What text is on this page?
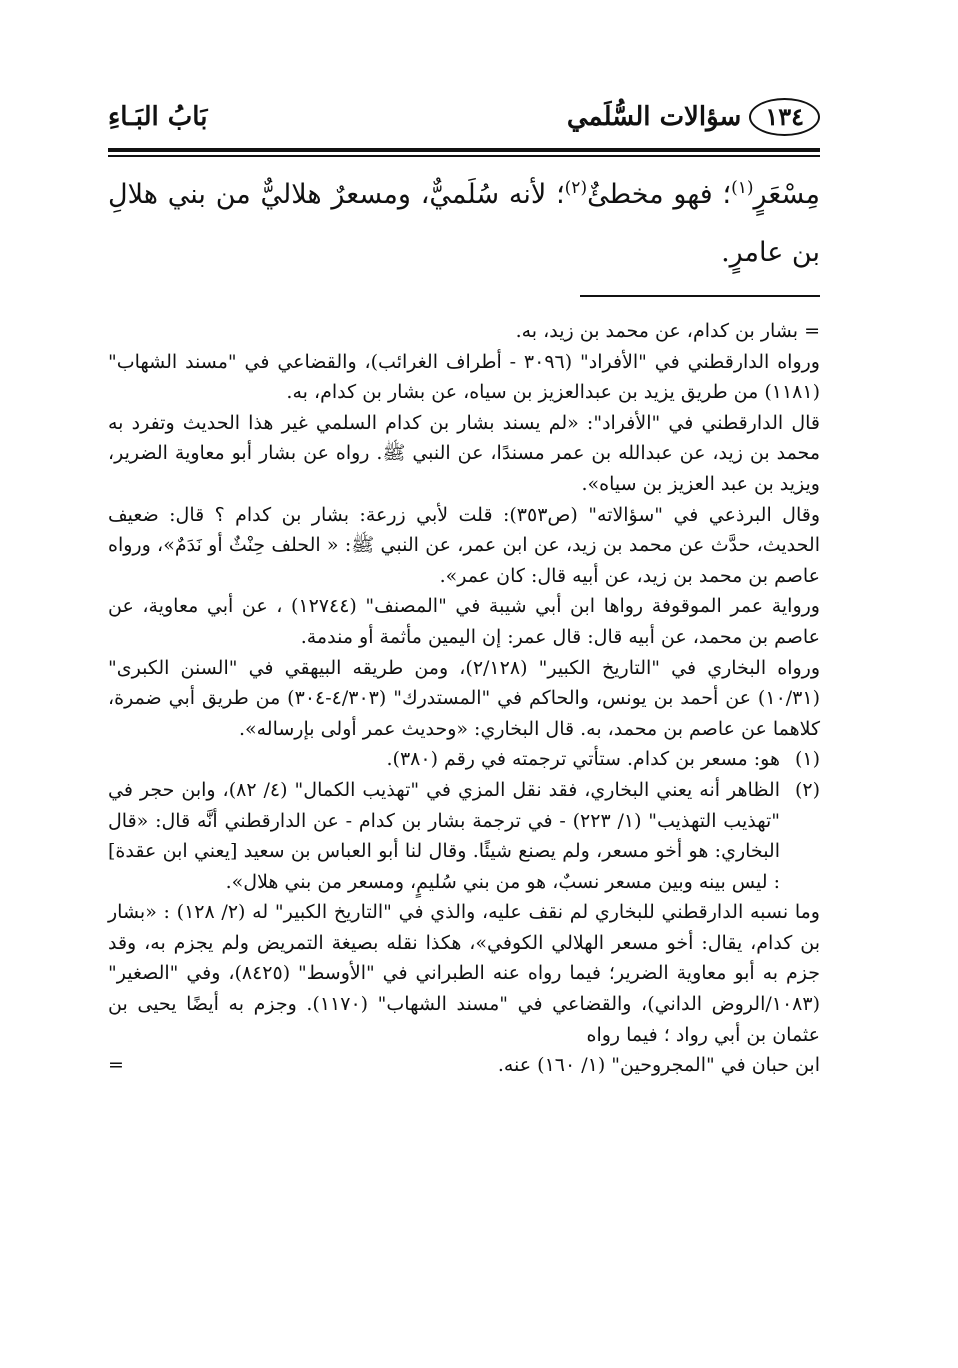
١٣٤
سؤالات السُّلَمي
بَابُ البَـاءِ

مِسْعَرٍ$^{(١)}$؛ فهو مخطئٌ$^{(٢)}$؛ لأنه سُلَميٌّ، ومسعرٌ هلاليٌّ من بني هلالِ بن عامرٍ.

= بشار بن كدام، عن محمد بن زيد، به.

ورواه الدارقطني في "الأفراد" (٣٠٩٦ - أطراف الغرائب)، والقضاعي في "مسند الشهاب" (١١٨١) من طريق يزيد بن عبدالعزيز بن سياه، عن بشار بن كدام، به.

قال الدارقطني في "الأفراد": «لم يسند بشار بن كدام السلمي غير هذا الحديث وتفرد به محمد بن زيد، عن عبدالله بن عمر مسندًا، عن النبي ﷺ. رواه عن بشار أبو معاوية الضرير، ويزيد بن عبد العزيز بن سياه».

وقال البرذعي في "سؤالاته" (ص٣٥٣): قلت لأبي زرعة: بشار بن كدام ؟ قال: ضعيف الحديث، حدَّث عن محمد بن زيد، عن ابن عمر، عن النبي ﷺ: « الحلف حِنْثٌ أو نَدَمٌ»، ورواه عاصم بن محمد بن زيد، عن أبيه قال: كان عمر».

ورواية عمر الموقوفة رواها ابن أبي شيبة في "المصنف" (١٢٧٤٤) ، عن أبي معاوية، عن عاصم بن محمد، عن أبيه قال: قال عمر: إن اليمين مأثمة أو مندمة.

ورواه البخاري في "التاريخ الكبير" (٢/١٢٨)، ومن طريقه البيهقي في "السنن الكبرى" (١٠/٣١) عن أحمد بن يونس، والحاكم في "المستدرك" (٤/٣٠٣-٣٠٤) من طريق أبي ضمرة، كلاهما عن عاصم بن محمد، به. قال البخاري: «وحديث عمر أولى بإرساله».

(١)
هو: مسعر بن كدام. ستأتي ترجمته في رقم (٣٨٠).
(٢)
الظاهر أنه يعني البخاري، فقد نقل المزي في "تهذيب الكمال" (٤/ ٨٢)، وابن حجر في "تهذيب التهذيب" (١/ ٢٢٣) - في ترجمة بشار بن كدام - عن الدارقطني أنَّه قال: «قال البخاري: هو أخو مسعر، ولم يصنع شيئًا. وقال لنا أبو العباس بن سعيد [يعني ابن عقدة] : ليس بينه وبين مسعر نسبٌ، هو من بني سُليمٍ، ومسعر من بني هلال».

وما نسبه الدارقطني للبخاري لم نقف عليه، والذي في "التاريخ الكبير" له (٢/ ١٢٨) : «بشار بن كدام، يقال: أخو مسعر الهلالي الكوفي»، هكذا نقله بصيغة التمريض ولم يجزم به، وقد جزم به أبو معاوية الضرير؛ فيما رواه عنه الطبراني في "الأوسط" (٨٤٢٥)، وفي "الصغير" (١٠٨٣/الروض الداني)، والقضاعي في "مسند الشهاب" (١١٧٠). وجزم به أيضًا يحيى بن عثمان بن أبي رواد ؛ فيما رواه

ابن حبان في "المجروحين" (١/ ١٦٠) عنه.
=
